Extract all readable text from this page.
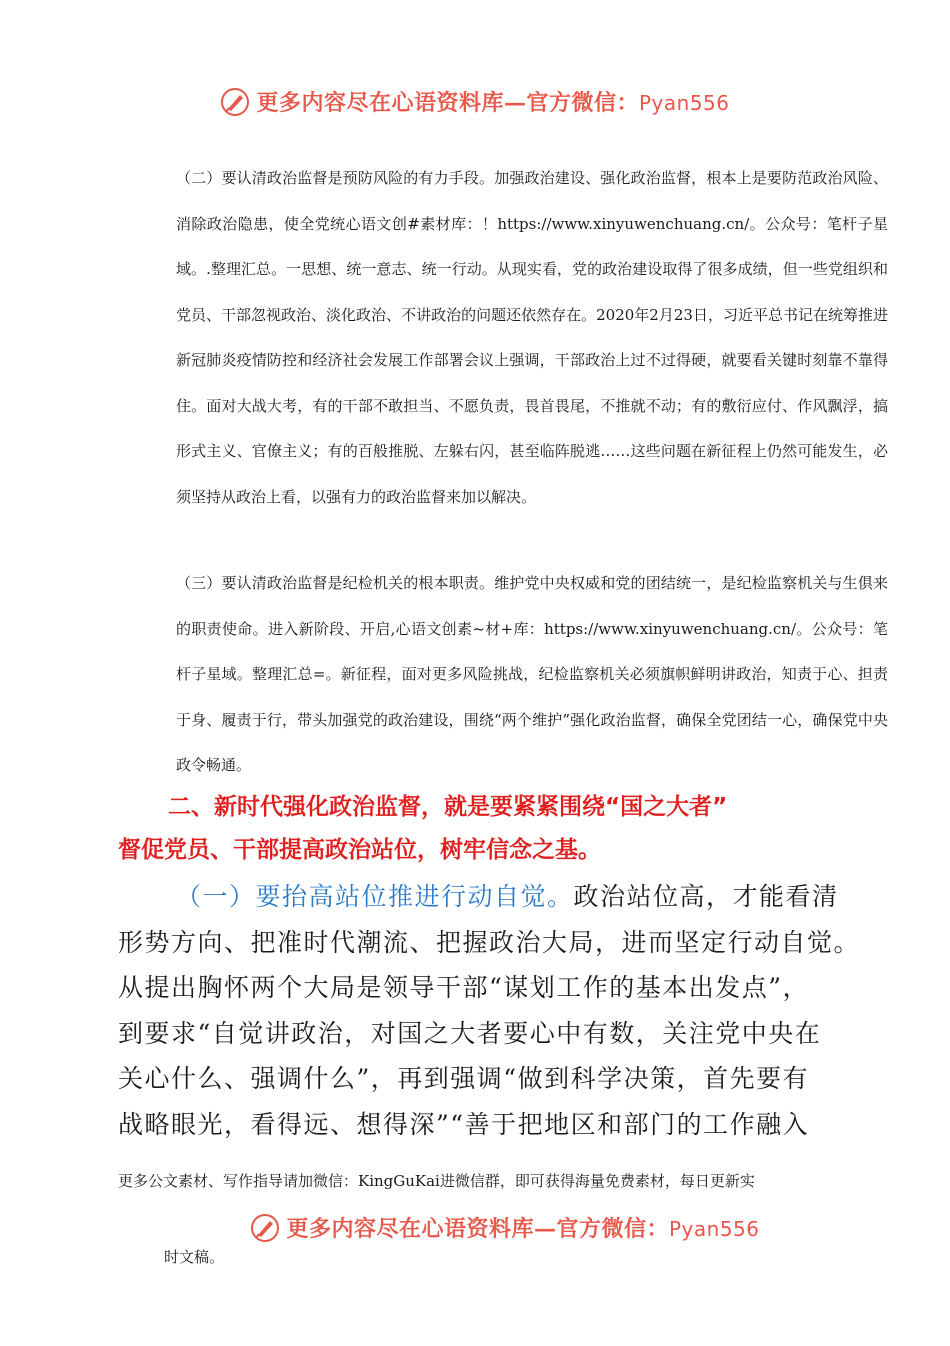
更多内容尽在心语资料库—官方微信：Pyan556

（二）要认清政治监督是预防风险的有力手段。加强政治建设、强化政治监督，根本上是要防范政治风险、消除政治隐患，使全党统心语文创#素材库：！https://www.xinyuwenchuang.cn/。公众号：笔杆子星域。.整理汇总。一思想、统一意志、统一行动。从现实看，党的政治建设取得了很多成绩，但一些党组织和党员、干部忽视政治、淡化政治、不讲政治的问题还依然存在。2020年2月23日，习近平总书记在统筹推进新冠肺炎疫情防控和经济社会发展工作部署会议上强调，干部政治上过不过得硬，就要看关键时刻靠不靠得住。面对大战大考，有的干部不敢担当、不愿负责，畏首畏尾，不推就不动；有的敷衍应付、作风飘浮，搞形式主义、官僚主义；有的百般推脱、左躲右闪，甚至临阵脱逃……这些问题在新征程上仍然可能发生，必须坚持从政治上看，以强有力的政治监督来加以解决。

（三）要认清政治监督是纪检机关的根本职责。维护党中央权威和党的团结统一，是纪检监察机关与生俱来的职责使命。进入新阶段、开启,心语文创素~材+库：https://www.xinyuwenchuang.cn/。公众号：笔杆子星域。整理汇总=。新征程，面对更多风险挑战，纪检监察机关必须旗帜鲜明讲政治，知责于心、担责于身、履责于行，带头加强党的政治建设，围绕“两个维护”强化政治监督，确保全党团结一心，确保党中央政令畅通。

二、新时代强化政治监督，就是要紧紧围绕“国之大者”
督促党员、干部提高政治站位，树牢信念之基。
（一）要抬高站位推进行动自觉。政治站位高，才能看清
形势方向、把准时代潮流、把握政治大局，进而坚定行动自觉。
从提出胸怀两个大局是领导干部“谋划工作的基本出发点”，
到要求“自觉讲政治，对国之大者要心中有数，关注党中央在
关心什么、强调什么”，再到强调“做到科学决策，首先要有
战略眼光，看得远、想得深”“善于把地区和部门的工作融入

更多公文素材、写作指导请加微信：KingGuKai进微信群，即可获得海量免费素材，每日更新实

更多内容尽在心语资料库—官方微信：Pyan556

时文稿。
